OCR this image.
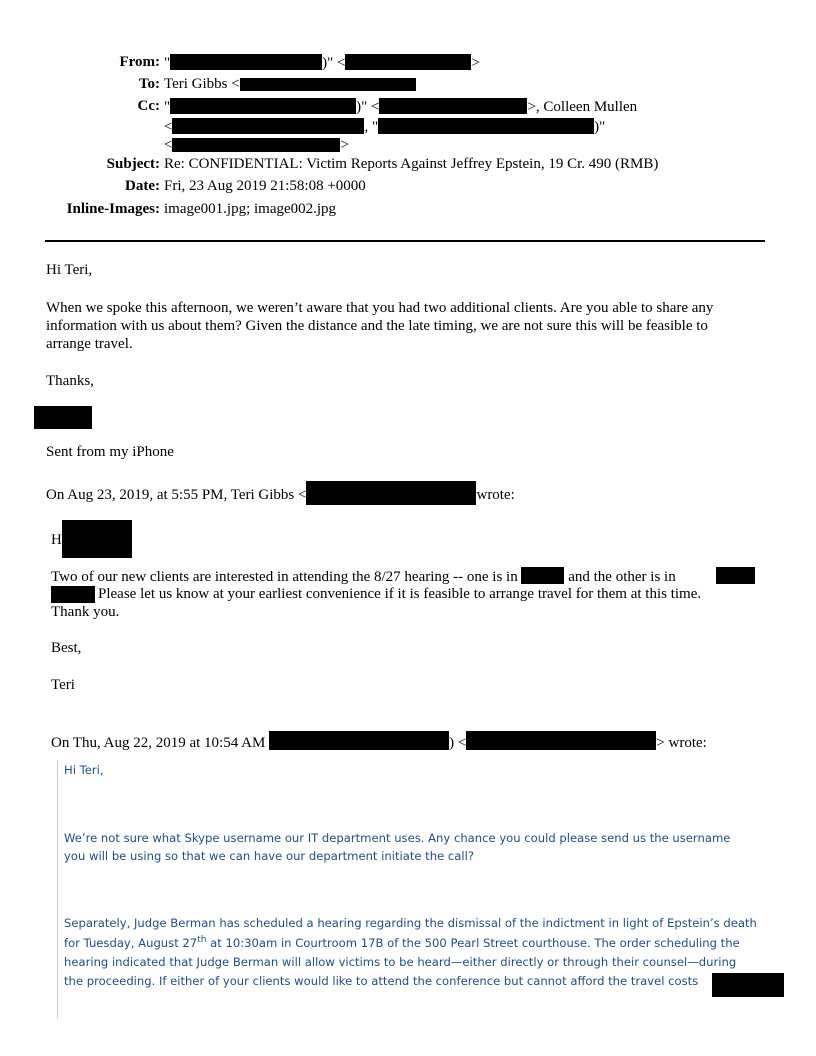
From: "	)" <	>
To: Teri Gibbs <
Cc: "	)" <	>, Colleen Mullen
<	, "	)"
<	>
Subject: Re: CONFIDENTIAL: Victim Reports Against Jeffrey Epstein, 19 Cr. 490 (RMB)
Date: Fri, 23 Aug 2019 21:58:08 +0000
Inline-Images: image001.jpg; image002.jpg
Hi Teri,
When we spoke this afternoon, we weren’t aware that you had two additional clients. Are you able to share any
information with us about them? Given the distance and the late timing, we are not sure this will be feasible to
arrange travel.
Thanks,
Sent from my iPhone
On Aug 23, 2019, at 5:55 PM, Teri Gibbs <	wrote:
H
Two of our new clients are interested in attending the 8/27 hearing -- one is in	and the other is in
Please let us know at your earliest convenience if it is feasible to arrange travel for them at this time.
Thank you.
Best,
Teri
On Thu, Aug 22, 2019 at 10:54 AM	) <	> wrote:
Hi Teri,
We’re not sure what Skype username our IT department uses. Any chance you could please send us the username
you will be using so that we can have our department initiate the call?
Separately, Judge Berman has scheduled a hearing regarding the dismissal of the indictment in light of Epstein’s death
for Tuesday, August 27th at 10:30am in Courtroom 17B of the 500 Pearl Street courthouse. The order scheduling the
hearing indicated that Judge Berman will allow victims to be heard—either directly or through their counsel—during
the proceeding. If either of your clients would like to attend the conference but cannot afford the travel costs
